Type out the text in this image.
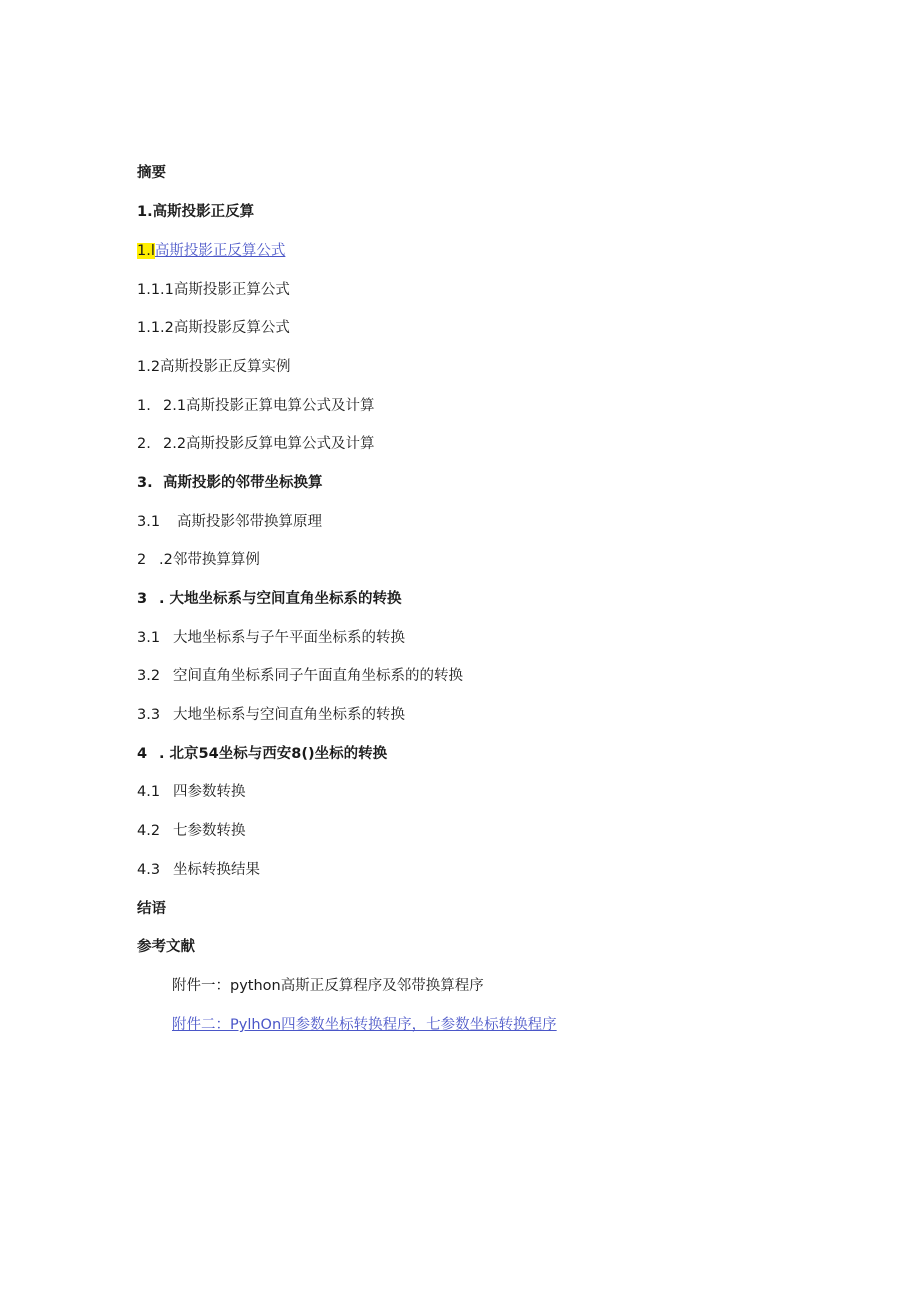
摘要
1.高斯投影正反算
1.l高斯投影正反算公式
1.1.1高斯投影正算公式
1.1.2高斯投影反算公式
1.2高斯投影正反算实例
1. 2.1高斯投影正算电算公式及计算
2. 2.2高斯投影反算电算公式及计算
3. 高斯投影的邻带坐标换算
3.1 高斯投影邻带换算原理
2 .2邻带换算算例
3 . 大地坐标系与空间直角坐标系的转换
3.1 大地坐标系与子午平面坐标系的转换
3.2 空间直角坐标系同子午面直角坐标系的的转换
3.3 大地坐标系与空间直角坐标系的转换
4 . 北京54坐标与西安8()坐标的转换
4.1 四参数转换
4.2 七参数转换
4.3 坐标转换结果
结语
参考文献
附件一：python高斯正反算程序及邻带换算程序
附件二：PylhOn四参数坐标转换程序，七参数坐标转换程序
